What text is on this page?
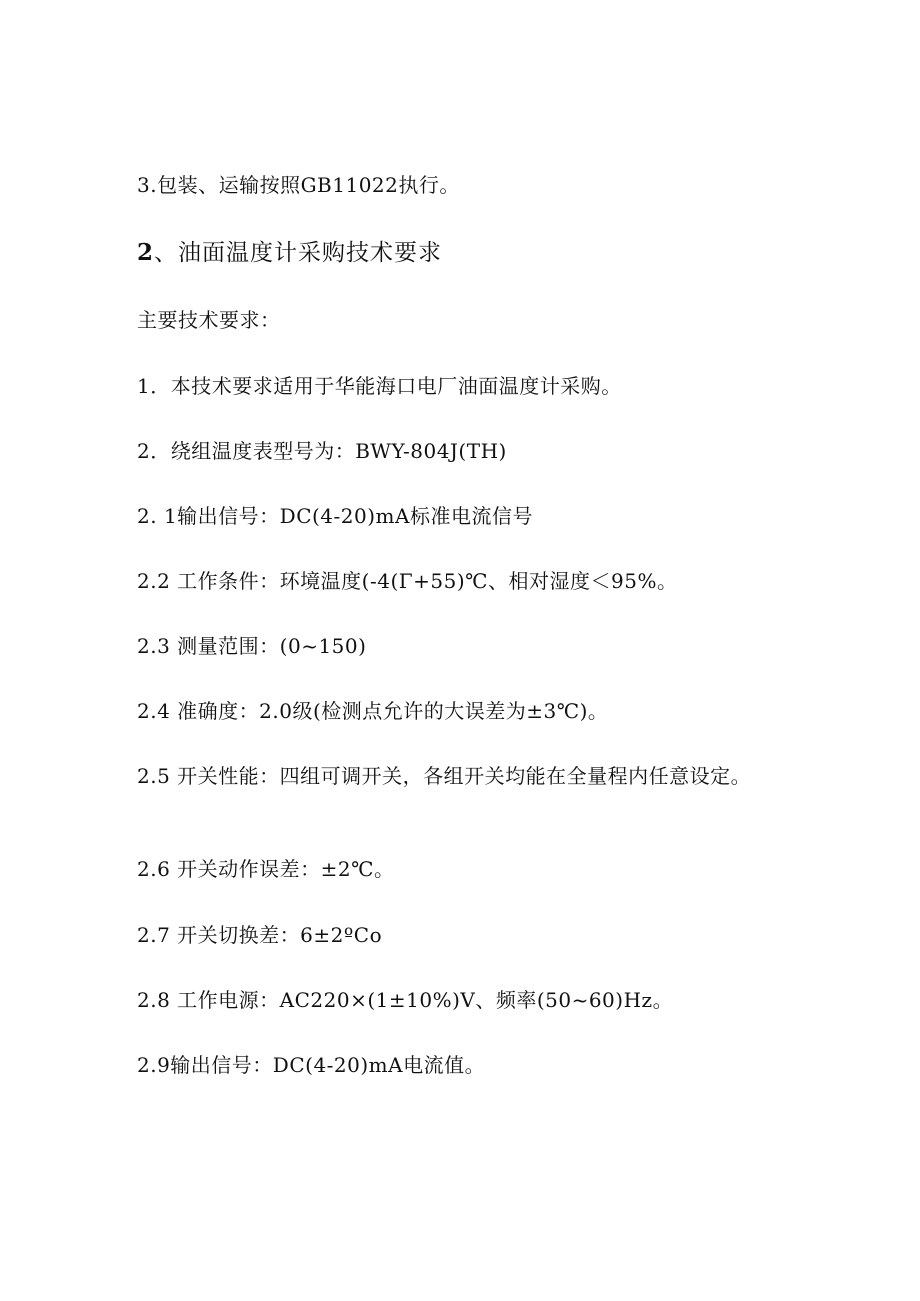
3.包装、运输按照GB11022执行。
2、油面温度计采购技术要求
主要技术要求：
1．本技术要求适用于华能海口电厂油面温度计采购。
2．绕组温度表型号为：BWY-804J(TH)
2. 1输出信号：DC(4-20)mA标准电流信号
2.2 工作条件：环境温度(-4(Γ+55)℃、相对湿度＜95%。
2.3 测量范围：(0~150)
2.4 准确度：2.0级(检测点允许的大误差为±3℃)。
2.5 开关性能：四组可调开关，各组开关均能在全量程内任意设定。
2.6 开关动作误差：±2℃。
2.7 开关切换差：6±2ºCo
2.8 工作电源：AC220×(1±10%)V、频率(50~60)Hz。
2.9输出信号：DC(4-20)mA电流值。
